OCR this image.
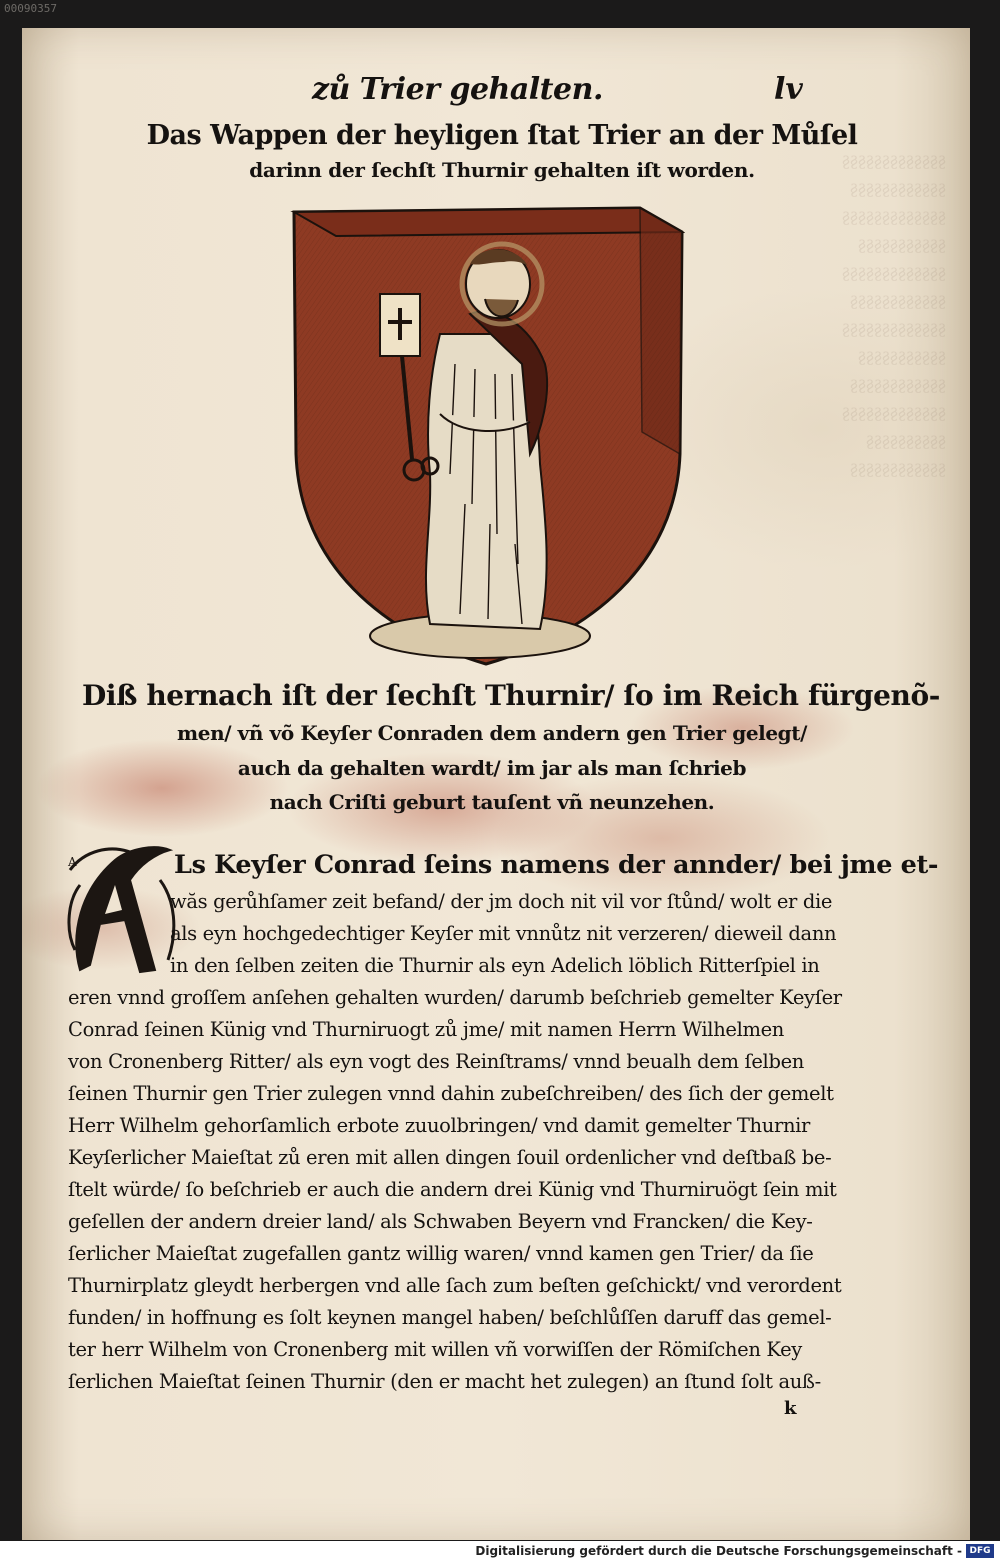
00090357
§§§§§§§§§§§§§
§§§§§§§§§§§§
§§§§§§§§§§§§§
§§§§§§§§§§§
§§§§§§§§§§§§§
§§§§§§§§§§§§
§§§§§§§§§§§§§
§§§§§§§§§§§
§§§§§§§§§§§§
§§§§§§§§§§§§§
§§§§§§§§§§
§§§§§§§§§§§§
zů Trier gehalten.	lv
Das Wappen der heyligen ſtat Trier an der Můſel
darinn der ſechſt Thurnir gehalten iſt worden.
Diß hernach iſt der ſechſt Thurnir/ ſo im Reich fürgenõ-
men/ vñ võ Keyſer Conraden dem andern gen Trier gelegt/
auch da gehalten wardt/ im jar als man ſchrieb
nach Criſti geburt tauſent vñ neunzehen.
A	Ls Keyſer Conrad ſeins namens der annder/ bei jme et-
wăs gerůhſamer zeit befand/ der jm doch nit vil vor ſtůnd/ wolt er die
als eyn hochgedechtiger Keyſer mit vnnůtz nit verzeren/ dieweil dann
in den ſelben zeiten die Thurnir als eyn Adelich löblich Ritterſpiel in
eren vnnd groſſem anſehen gehalten wurden/ darumb beſchrieb gemelter Keyſer
Conrad ſeinen Künig vnd Thurniruogt zů jme/ mit namen Herrn Wilhelmen
von Cronenberg Ritter/ als eyn vogt des Reinſtrams/ vnnd beualh dem ſelben
ſeinen Thurnir gen Trier zulegen vnnd dahin zubeſchreiben/ des ſich der gemelt
Herr Wilhelm gehorſamlich erbote zuuolbringen/ vnd damit gemelter Thurnir
Keyſerlicher Maieſtat zů eren mit allen dingen ſouil ordenlicher vnd deſtbaß be-
ſtelt würde/ ſo beſchrieb er auch die andern drei Künig vnd Thurniruögt ſein mit
geſellen der andern dreier land/ als Schwaben Beyern vnd Francken/ die Key-
ſerlicher Maieſtat zugefallen gantz willig waren/ vnnd kamen gen Trier/ da ſie
Thurnirplatz gleydt herbergen vnd alle ſach zum beſten geſchickt/ vnd verordent
funden/ in hoffnung es ſolt keynen mangel haben/ beſchlůſſen daruff das gemel-
ter herr Wilhelm von Cronenberg mit willen vñ vorwiſſen der Römiſchen Key
ſerlichen Maieſtat ſeinen Thurnir (den er macht het zulegen) an ſtund ſolt auß-
k
Digitalisierung gefördert durch die Deutsche Forschungsgemeinschaft - DFG
